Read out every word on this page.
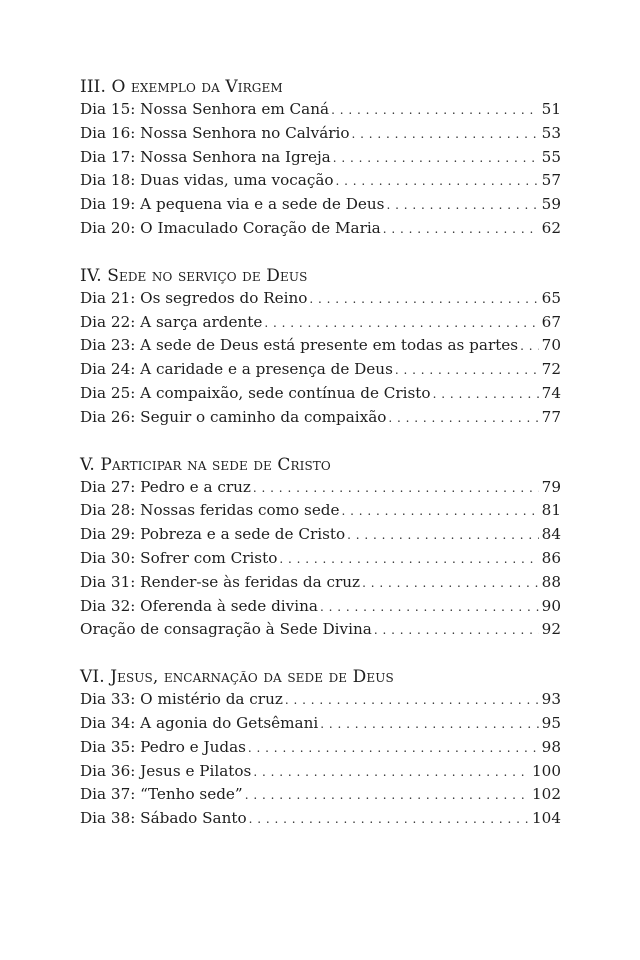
III. O exemplo da Virgem
Dia 15: Nossa Senhora em Caná . . .	51
Dia 16: Nossa Senhora no Calvário . . .	53
Dia 17: Nossa Senhora na Igreja . . .	55
Dia 18: Duas vidas, uma vocação . . .	57
Dia 19: A pequena via e a sede de Deus . . .	59
Dia 20: O Imaculado Coração de Maria . . .	62
IV. Sede no serviço de Deus
Dia 21: Os segredos do Reino . . .	65
Dia 22: A sarça ardente . . .	67
Dia 23: A sede de Deus está presente em todas as partes . . . 70
Dia 24: A caridade e a presença de Deus . . .	72
Dia 25: A compaixão, sede contínua de Cristo . . .	74
Dia 26: Seguir o caminho da compaixão . . .	77
V. Participar na sede de Cristo
Dia 27: Pedro e a cruz . . .	79
Dia 28: Nossas feridas como sede . . .	81
Dia 29: Pobreza e a sede de Cristo . . .	84
Dia 30: Sofrer com Cristo . . .	86
Dia 31: Render-se às feridas da cruz . . .	88
Dia 32: Oferenda à sede divina . . .	90
Oração de consagração à Sede Divina . . .	92
VI. Jesus, encarnação da sede de Deus
Dia 33: O mistério da cruz . . .	93
Dia 34: A agonia do Getsêmani . . .	95
Dia 35: Pedro e Judas . . .	98
Dia 36: Jesus e Pilatos . . .	100
Dia 37: “Tenho sede” . . .	102
Dia 38: Sábado Santo . . .	104
